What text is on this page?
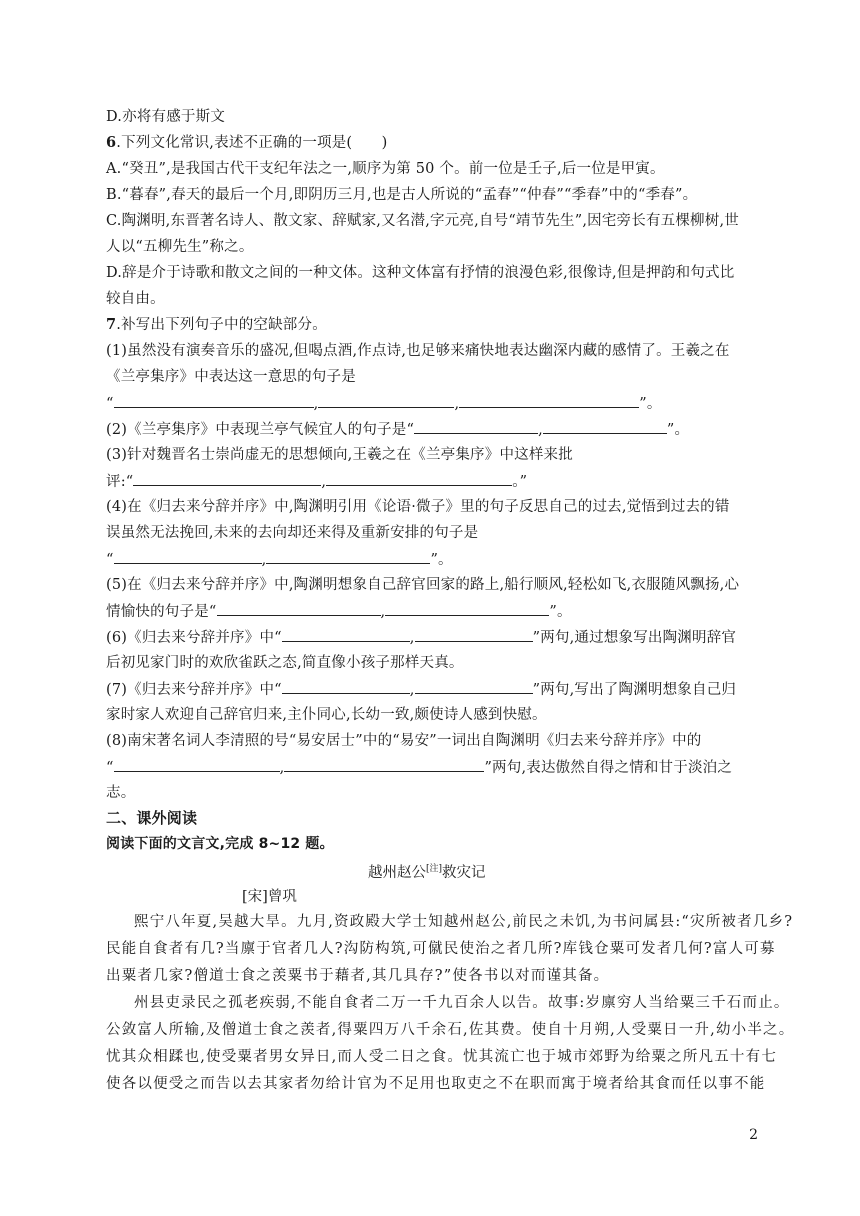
D.亦将有感于斯文
6.下列文化常识,表述不正确的一项是(　　)
A.“癸丑”,是我国古代干支纪年法之一,顺序为第 50 个。前一位是壬子,后一位是甲寅。
B.“暮春”,春天的最后一个月,即阴历三月,也是古人所说的“孟春”“仲春”“季春”中的“季春”。
C.陶渊明,东晋著名诗人、散文家、辞赋家,又名潜,字元亮,自号“靖节先生”,因宅旁长有五棵柳树,世
人以“五柳先生”称之。
D.辞是介于诗歌和散文之间的一种文体。这种文体富有抒情的浪漫色彩,很像诗,但是押韵和句式比
较自由。
7.补写出下列句子中的空缺部分。
(1)虽然没有演奏音乐的盛况,但喝点酒,作点诗,也足够来痛快地表达幽深内藏的感情了。王羲之在
《兰亭集序》中表达这一意思的句子是
“	,	,	”。
(2)《兰亭集序》中表现兰亭气候宜人的句子是“	,	”。
(3)针对魏晋名士崇尚虚无的思想倾向,王羲之在《兰亭集序》中这样来批
评:“	,	。”
(4)在《归去来兮辞并序》中,陶渊明引用《论语·微子》里的句子反思自己的过去,觉悟到过去的错
误虽然无法挽回,未来的去向却还来得及重新安排的句子是
“	,	”。
(5)在《归去来兮辞并序》中,陶渊明想象自己辞官回家的路上,船行顺风,轻松如飞,衣服随风飘扬,心
情愉快的句子是“	,	”。
(6)《归去来兮辞并序》中“	,	”两句,通过想象写出陶渊明辞官
后初见家门时的欢欣雀跃之态,简直像小孩子那样天真。
(7)《归去来兮辞并序》中“	,	”两句,写出了陶渊明想象自己归
家时家人欢迎自己辞官归来,主仆同心,长幼一致,颇使诗人感到快慰。
(8)南宋著名词人李清照的号“易安居士”中的“易安”一词出自陶渊明《归去来兮辞并序》中的
“	,	”两句,表达傲然自得之情和甘于淡泊之
志。
二、课外阅读
阅读下面的文言文,完成 8~12 题。
越州赵公[注]救灾记
[宋]曾巩
熙宁八年夏,吴越大旱。九月,资政殿大学士知越州赵公,前民之未饥,为书问属县:“灾所被者几乡?
民能自食者有几?当廪于官者几人?沟防构筑,可僦民使治之者几所?库钱仓粟可发者几何?富人可募
出粟者几家?僧道士食之羡粟书于藉者,其几具存?”使各书以对而谨其备。
州县吏录民之孤老疾弱,不能自食者二万一千九百余人以告。故事:岁廪穷人当给粟三千石而止。
公敛富人所输,及僧道士食之羡者,得粟四万八千余石,佐其费。使自十月朔,人受粟日一升,幼小半之。
忧其众相蹂也,使受粟者男女异日,而人受二日之食。忧其流亡也于城市郊野为给粟之所凡五十有七
使各以便受之而告以去其家者勿给计官为不足用也取吏之不在职而寓于境者给其食而任以事不能
2
